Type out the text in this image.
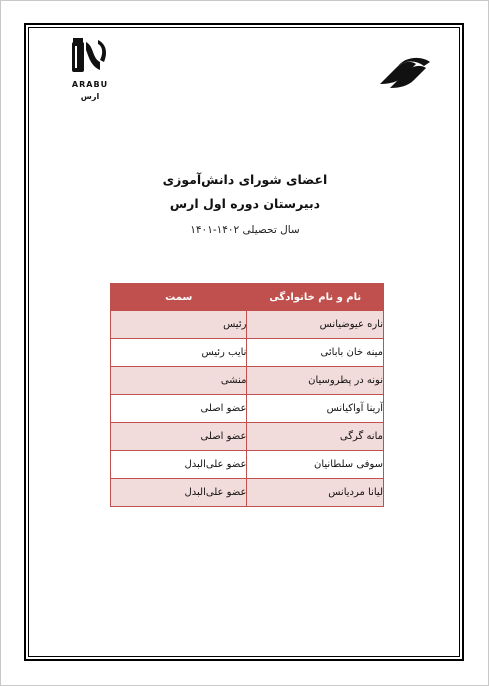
ARABU
ارس
اعضای شورای دانش‌آموزی
دبیرستان دوره اول ارس
سال تحصیلی ۱۴۰۲-۱۴۰۱
نام و نام خانوادگی	سمت
ناره عیوضیانس	رئیس
مینه خان بابائی	نایب رئیس
نونه در پطروسیان	منشی
آرینا آواکیانس	عضو اصلی
مانه گرگی	عضو اصلی
سوفی سلطانیان	عضو علی‌البدل
لیانا مردیانس	عضو علی‌البدل
